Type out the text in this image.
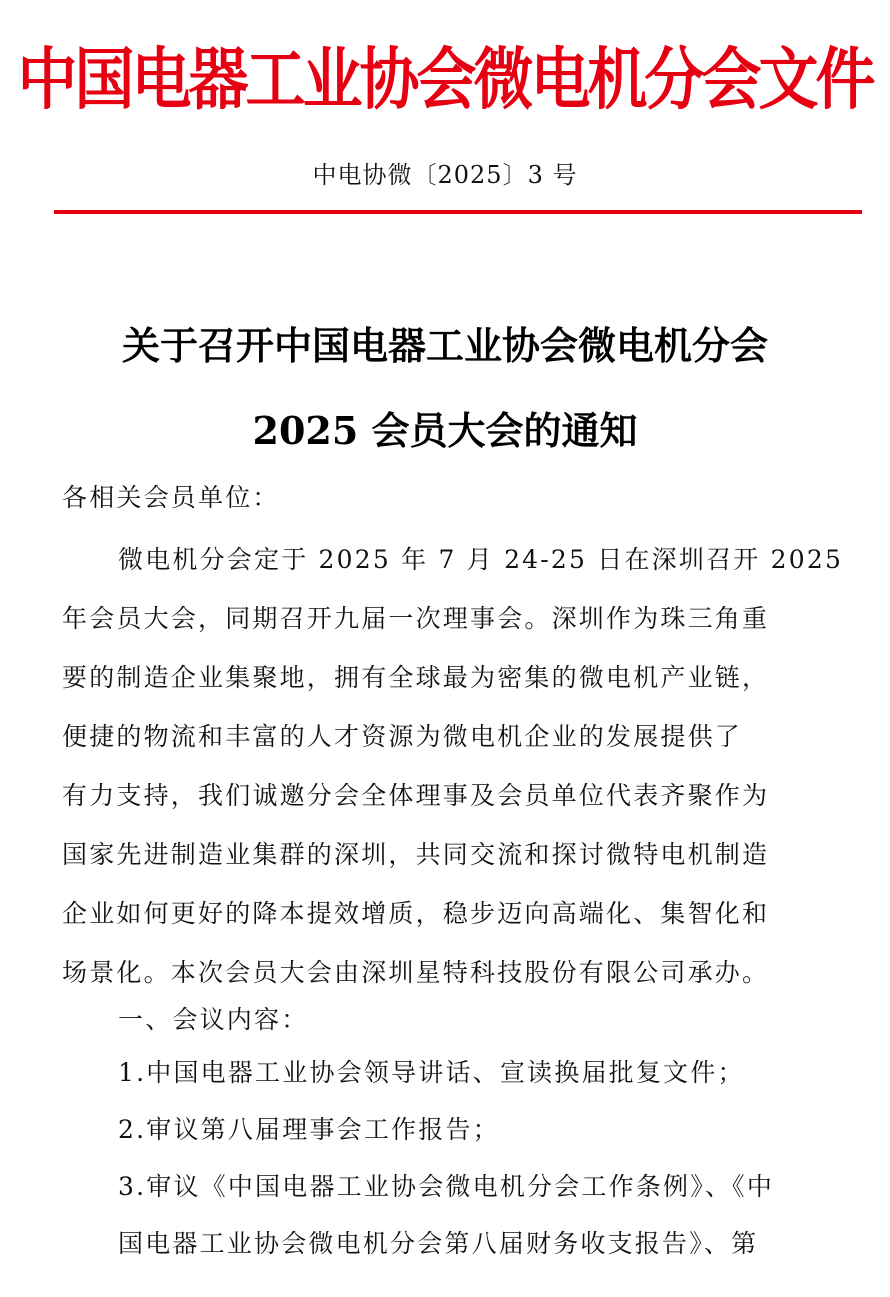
中国电器工业协会微电机分会文件
中电协微〔2025〕3 号
关于召开中国电器工业协会微电机分会
2025 会员大会的通知
各相关会员单位：
微电机分会定于 2025 年 7 月 24-25 日在深圳召开 2025
年会员大会，同期召开九届一次理事会。深圳作为珠三角重
要的制造企业集聚地，拥有全球最为密集的微电机产业链，
便捷的物流和丰富的人才资源为微电机企业的发展提供了
有力支持，我们诚邀分会全体理事及会员单位代表齐聚作为
国家先进制造业集群的深圳，共同交流和探讨微特电机制造
企业如何更好的降本提效增质，稳步迈向高端化、集智化和
场景化。本次会员大会由深圳星特科技股份有限公司承办。
一、会议内容：
1.中国电器工业协会领导讲话、宣读换届批复文件；
2.审议第八届理事会工作报告；
3.审议《中国电器工业协会微电机分会工作条例》、《中
国电器工业协会微电机分会第八届财务收支报告》、第
